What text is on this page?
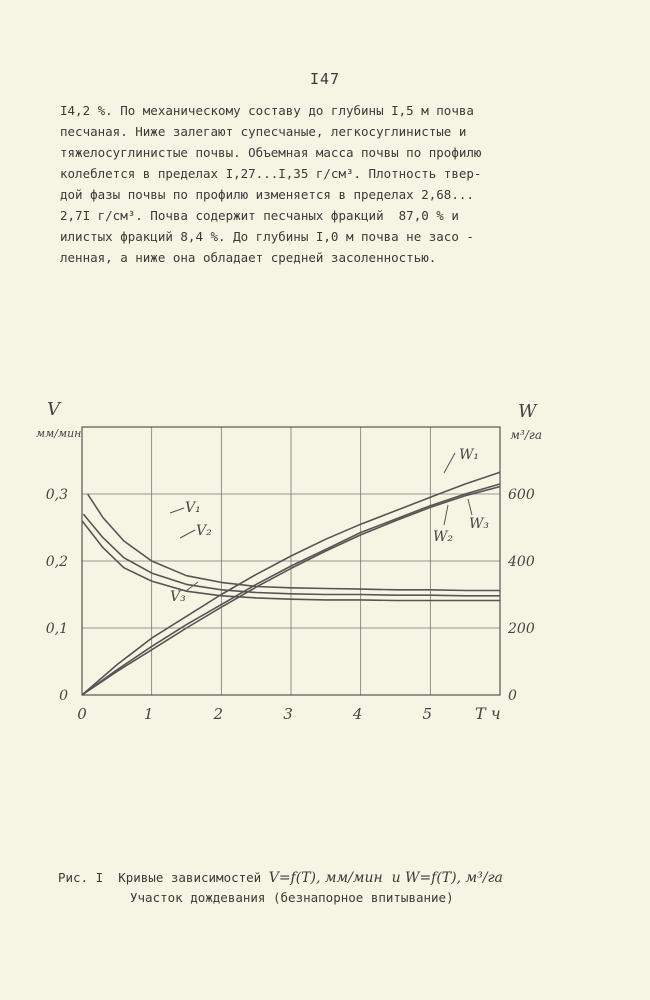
I47
I4,2 %. По механическому составу до глубины I,5 м почва
песчаная. Ниже залегают супесчаные, легкосуглинистые и
тяжелосуглинистые почвы. Объемная масса почвы по профилю
колеблется в пределах I,27...I,35 г/см³. Плотность твер-
дой фазы почвы по профилю изменяется в пределах 2,68...
2,7I г/см³. Почва содержит песчаных фракций  87,0 % и
илистых фракций 8,4 %. До глубины I,0 м почва не засо -
ленная, а ниже она обладает средней засоленностью.
0	1	2	3	4	5
0
0,1
0,2
0,3
0
200
400
600
V
мм/мин
W
м³/га
T ч
V₁
V₂
V₃
W₁
W₂
W₃
Рис. I  Кривые зависимостей V=f(T), мм/мин  и W=f(T), м³/га
Участок дождевания (безнапорное впитывание)
